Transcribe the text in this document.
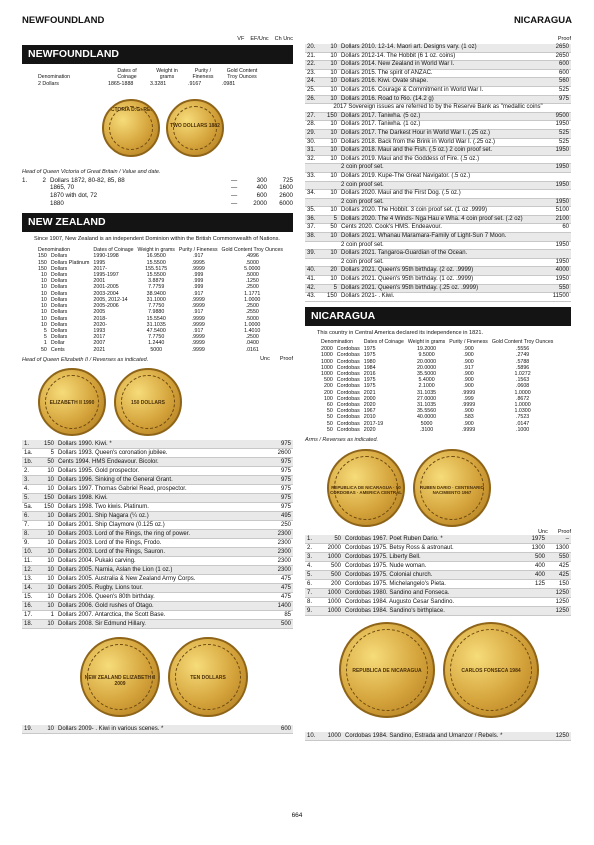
NEWFOUNDLAND	NICARAGUA
VF EF/Unc Ch Unc
NEWFOUNDLAND
Denomination	Dates of Coinage	Weight in grams	Purity / Fineness	Gold Content Troy Ounces
2 Dollars	1865-1888	3.3281	.9167	.0981
VICTORIA D:G: REG:
TWO DOLLARS 1882
Head of Queen Victoria of Great Britain / Value and date.
1.	2 Dollars 1872, 80-82, 85, 88	—	300	725
1865, 70	—	400	1600
1870 with dot, 72	—	600	2600
1880	—	2000	6000
NEW ZEALAND
Since 1907, New Zealand is an independent Dominion within the British Commonwealth of Nations.
Denomination		Dates of Coinage	Weight in grams	Purity / Fineness	Gold Content Troy Ounces
150	Dollars	1990-1998	16.9500	.917	.4996
150	Dollars Platinum	1995	15.5500	.9995	.5000
150	Dollars	2017-	155.5175	.9999	5.0000
10	Dollars	1995-1997	15.5500	.999	.5000
10	Dollars	2001	3.8879	.999	.1250
10	Dollars	2001-2005	7.7759	.999	.2500
10	Dollars	2003-2004	38.9400	.917	1.1771
10	Dollars	2005, 2012-14	31.1000	.9999	1.0000
10	Dollars	2005-2006	7.7750	.9999	.2500
10	Dollars	2005	7.9880	.917	.2550
10	Dollars	2018-	15.5540	.9999	.5000
10	Dollars	2020-	31.1035	.9999	1.0000
5	Dollars	1993	47.5400	.917	1.4010
5	Dollars	2017	7.7750	.9999	.2500
1	Dollar	2007	1.2440	.9999	.0400
50	Cents	2021	5000	.9999	.0161
Head of Queen Elizabeth II / Reverses as indicated.	Unc Proof
ELIZABETH II 1990	150 DOLLARS
1.	150	Dollars 1990. Kiwi. *	975
1a.	5	Dollars 1993. Queen's coronation jubilee.	2600
1b.	50	Cents 1994. HMS Endeavour. Bicolor.	975
2.	10	Dollars 1995. Gold prospector.	975
3.	10	Dollars 1996. Sinking of the General Grant.	975
4.	10	Dollars 1997. Thomas Gabriel Read, prospector.	975
5.	150	Dollars 1998. Kiwi.	975
5a.	150	Dollars 1998. Two kiwis. Platinum.	975
6.	10	Dollars 2001. Ship Nagara (¼ oz.)	495
7.	10	Dollars 2001. Ship Claymore (0.125 oz.)	250
8.	10	Dollars 2003. Lord of the Rings, the ring of power.	2300
9.	10	Dollars 2003. Lord of the Rings, Frodo.	2300
10.	10	Dollars 2003. Lord of the Rings, Sauron.	2300
11.	10	Dollars 2004. Pukaki carving.	2300
12.	10	Dollars 2005. Narnia, Aslan the Lion (1 oz.)	2300
13.	10	Dollars 2005. Australia & New Zealand Army Corps.	475
14.	10	Dollars 2005. Rugby, Lions tour.	475
15.	10	Dollars 2006. Queen's 80th birthday.	475
16.	10	Dollars 2006. Gold rushes of Otago.	1400
17.	1	Dollars 2007. Antarctica, the Scott Base.	85
18.	10	Dollars 2008. Sir Edmund Hillary.	500
NEW ZEALAND ELIZABETH II 2009
TEN DOLLARS
19.	10	Dollars 2009- . Kiwi in various scenes. *	600
Proof
20.	10	Dollars 2010. 12-14. Maori art. Designs vary. (1 oz)	2650
21.	10	Dollars 2012-14. The Hobbit (6 1 oz. coins)	2650
22.	10	Dollars 2014. New Zealand in World War I.	600
23.	10	Dollars 2015. The spirit of ANZAC.	600
24.	10	Dollars 2016. Kiwi. Ovate shape.	560
25.	10	Dollars 2016. Courage & Commitment in World War I.	525
26.	10	Dollars 2016. Road to Rio. (14.2 g)	975
2017 Sovereign issues are referred to by the Reserve Bank as "medallic coins"			
27.	150	Dollars 2017. Taniwha. (5 oz.)	9500
28.	10	Dollars 2017. Taniwha. (1 oz.)	1950
29.	10	Dollars 2017. The Darkest Hour in World War I. (.25 oz.)	525
30.	10	Dollars 2018. Back from the Brink in World War I. (.25 oz.)	525
31.	10	Dollars 2018. Maui and the Fish. (.5 oz.) 2 coin proof set.	1950
32.	10	Dollars 2019. Maui and the Goddess of Fire. (.5 oz.)	
		2 coin proof set.	1950
33.	10	Dollars 2019. Kupe-The Great Navigator. (.5 oz.)	
		2 coin proof set.	1950
34.	10	Dollars 2020. Maui and the First Dog. (.5 oz.)	
		2 coin proof set.	1950
35.	10	Dollars 2020. The Hobbit. 3 coin proof set. (1 oz .9999)	5100
36.	5	Dollars 2020. The 4 Winds- Nga Hau e Wha. 4 coin proof set. (.2 oz)	2100
37.	50	Cents 2020. Cook's HMS. Endeavour.	60
38.	10	Dollars 2021. Whanau Maramara-Family of Light-Sun 7 Moon.	
		2 coin proof set.	1950
39.	10	Dollars 2021. Tangaroa-Guardian of the Ocean.	
		2 coin proof set.	1950
40.	20	Dollars 2021. Queen's 95th birthday. (2 oz. .9999)	4000
41.	10	Dollars 2021. Queen's 95th birthday. (1 oz. .9999)	1950
42.	5	Dollars 2021. Queen's 95th birthday. (.25 oz. .9999)	550
43.	150	Dollars 2021- . Kiwi.	11500
NICARAGUA
This country in Central America declared its independence in 1821.
Denomination		Dates of Coinage	Weight in grams	Purity / Fineness	Gold Content Troy Ounces
2000	Cordobas	1975	19.2000	.900	.5556
1000	Cordobas	1975	9.5000	.900	.2749
1000	Cordobas	1980	20.0000	.900	.5788
1000	Cordobas	1984	20.0000	.917	.5896
1000	Cordobas	2016	35.5000	.900	1.0272
500	Cordobas	1975	5.4000	.900	.1563
200	Cordobas	1975	2.1000	.900	.0608
200	Cordobas	2021	31.1035	.9999	1.0000
100	Cordobas	2000	27.0000	.999	.8672
60	Cordobas	2020	31.1035	.9999	1.0000
50	Cordobas	1967	35.5560	.900	1.0300
50	Cordobas	2010	40.0000	.583	.7523
50	Cordobas	2017-19	5000	.900	.0147
50	Cordobas	2020	.3100	.9999	.1000
Arms / Reverses as indicated.
REPUBLICA DE NICARAGUA · 50 CORDOBAS · AMERICA CENTRAL
RUBEN DARIO · CENTENARIO NACIMIENTO 1967
Unc Proof
1.	50	Cordobas 1967. Poet Ruben Dario. *	1975	–
2.	2000	Cordobas 1975. Betsy Ross & astronaut.	1300	1300
3.	1000	Cordobas 1975. Liberty Bell.	500	550
4.	500	Cordobas 1975. Nude woman.	400	425
5.	500	Cordobas 1975. Colonial church.	400	425
6.	200	Cordobas 1975. Michelangelo's Pieta.	125	150
7.	1000	Cordobas 1980. Sandino and Fonseca.		1250
8.	1000	Cordobas 1984. Augusto Cesar Sandino.		1250
9.	1000	Cordobas 1984. Sandino's birthplace.		1250
REPUBLICA DE NICARAGUA	CARLOS FONSECA 1984
10.	1000	Cordobas 1984. Sandino, Estrada and Umanzor / Rebels. *	1250
664
